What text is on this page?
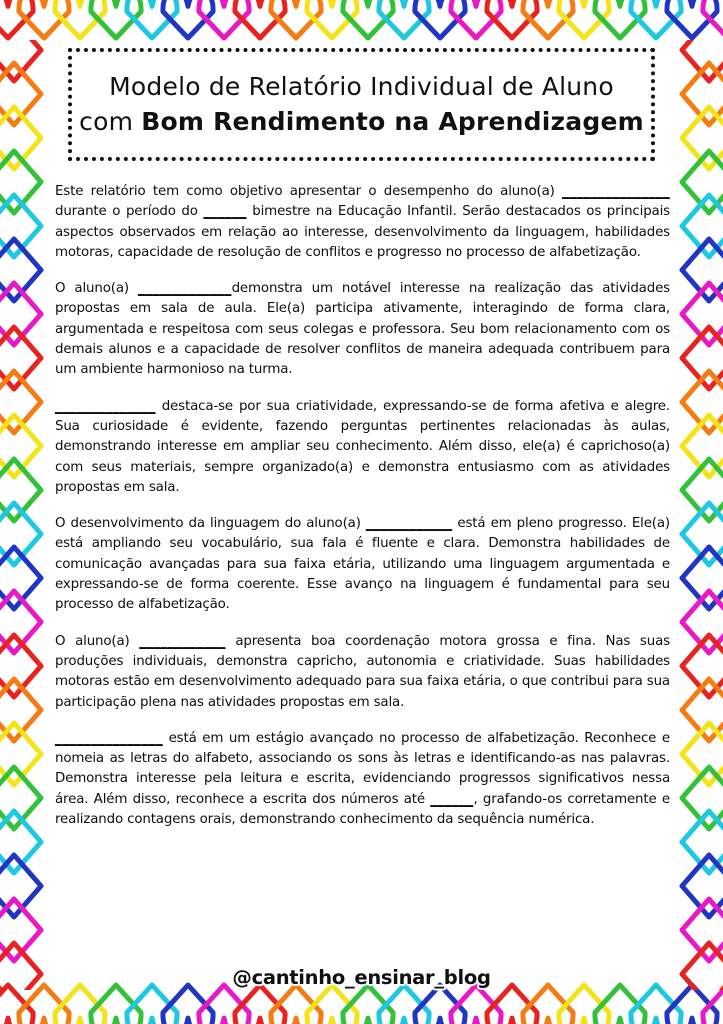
Modelo de Relatório Individual de Aluno
com Bom Rendimento na Aprendizagem

Este relatório tem como objetivo apresentar o desempenho do aluno(a) _______________ durante o período do ______ bimestre na Educação Infantil. Serão destacados os principais aspectos observados em relação ao interesse, desenvolvimento da linguagem, habilidades motoras, capacidade de resolução de conflitos e progresso no processo de alfabetização.

O aluno(a) _____________demonstra um notável interesse na realização das atividades propostas em sala de aula. Ele(a) participa ativamente, interagindo de forma clara, argumentada e respeitosa com seus colegas e professora. Seu bom relacionamento com os demais alunos e a capacidade de resolver conflitos de maneira adequada contribuem para um ambiente harmonioso na turma.

______________ destaca-se por sua criatividade, expressando-se de forma afetiva e alegre. Sua curiosidade é evidente, fazendo perguntas pertinentes relacionadas às aulas, demonstrando interesse em ampliar seu conhecimento. Além disso, ele(a) é caprichoso(a) com seus materiais, sempre organizado(a) e demonstra entusiasmo com as atividades propostas em sala.

O desenvolvimento da linguagem do aluno(a) ____________ está em pleno progresso. Ele(a) está ampliando seu vocabulário, sua fala é fluente e clara. Demonstra habilidades de comunicação avançadas para sua faixa etária, utilizando uma linguagem argumentada e expressando-se de forma coerente. Esse avanço na linguagem é fundamental para seu processo de alfabetização.

O aluno(a) ____________ apresenta boa coordenação motora grossa e fina. Nas suas produções individuais, demonstra capricho, autonomia e criatividade. Suas habilidades motoras estão em desenvolvimento adequado para sua faixa etária, o que contribui para sua participação plena nas atividades propostas em sala.

_______________ está em um estágio avançado no processo de alfabetização. Reconhece e nomeia as letras do alfabeto, associando os sons às letras e identificando-as nas palavras. Demonstra interesse pela leitura e escrita, evidenciando progressos significativos nessa área. Além disso, reconhece a escrita dos números até ______, grafando-os corretamente e realizando contagens orais, demonstrando conhecimento da sequência numérica.

@cantinho_ensinar_blog
